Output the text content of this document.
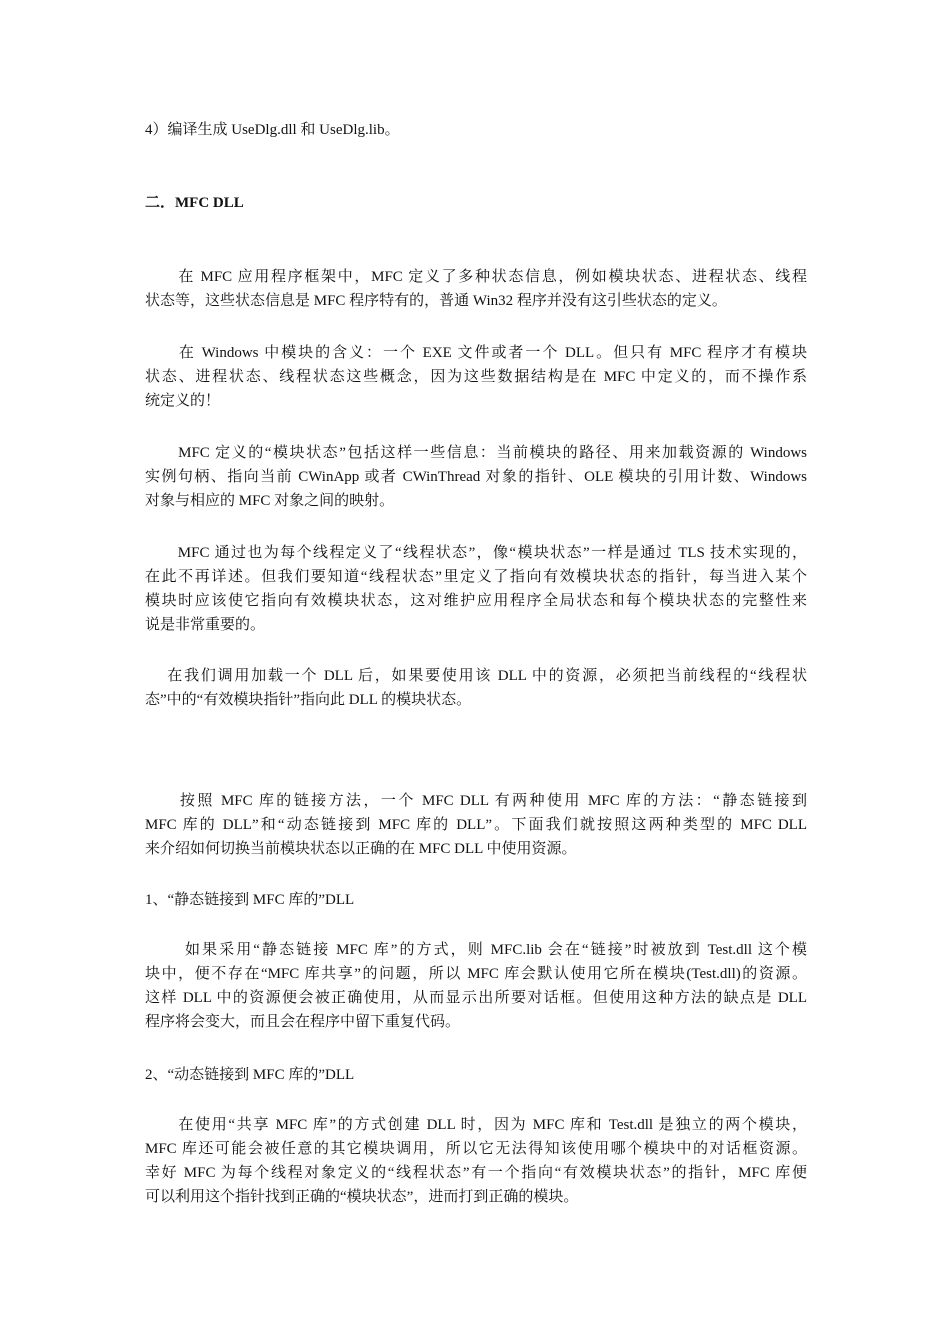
4）编译生成 UseDlg.dll 和 UseDlg.lib。
二．MFC DLL
　　在 MFC 应用程序框架中，MFC 定义了多种状态信息，例如模块状态、进程状态、线程
状态等，这些状态信息是 MFC 程序特有的，普通 Win32 程序并没有这引些状态的定义。
　　在 Windows 中模块的含义：一个 EXE 文件或者一个 DLL。但只有 MFC 程序才有模块
状态、进程状态、线程状态这些概念，因为这些数据结构是在 MFC 中定义的，而不操作系
统定义的！
　　MFC 定义的“模块状态”包括这样一些信息：当前模块的路径、用来加载资源的 Windows
实例句柄、指向当前 CWinApp 或者 CWinThread 对象的指针、OLE 模块的引用计数、Windows
对象与相应的 MFC 对象之间的映射。
　　MFC 通过也为每个线程定义了“线程状态”，像“模块状态”一样是通过 TLS 技术实现的，
在此不再详述。但我们要知道“线程状态”里定义了指向有效模块状态的指针，每当进入某个
模块时应该使它指向有效模块状态，这对维护应用程序全局状态和每个模块状态的完整性来
说是非常重要的。
　 在我们调用加载一个 DLL 后，如果要使用该 DLL 中的资源，必须把当前线程的“线程状
态”中的“有效模块指针”指向此 DLL 的模块状态。
　　按照 MFC 库的链接方法，一个 MFC DLL 有两种使用 MFC 库的方法：“静态链接到
MFC 库的 DLL”和“动态链接到 MFC 库的 DLL”。下面我们就按照这两种类型的 MFC DLL
来介绍如何切换当前模块状态以正确的在 MFC DLL 中使用资源。
1、“静态链接到 MFC 库的”DLL
　　 如果采用“静态链接 MFC 库”的方式，则 MFC.lib 会在“链接”时被放到 Test.dll 这个模
块中，便不存在“MFC 库共享”的问题，所以 MFC 库会默认使用它所在模块(Test.dll)的资源。
这样 DLL 中的资源便会被正确使用，从而显示出所要对话框。但使用这种方法的缺点是 DLL
程序将会变大，而且会在程序中留下重复代码。
2、“动态链接到 MFC 库的”DLL
　　在使用“共享 MFC 库”的方式创建 DLL 时，因为 MFC 库和 Test.dll 是独立的两个模块，
MFC 库还可能会被任意的其它模块调用，所以它无法得知该使用哪个模块中的对话框资源。
幸好 MFC 为每个线程对象定义的“线程状态”有一个指向“有效模块状态”的指针，MFC 库便
可以利用这个指针找到正确的“模块状态”，进而打到正确的模块。
